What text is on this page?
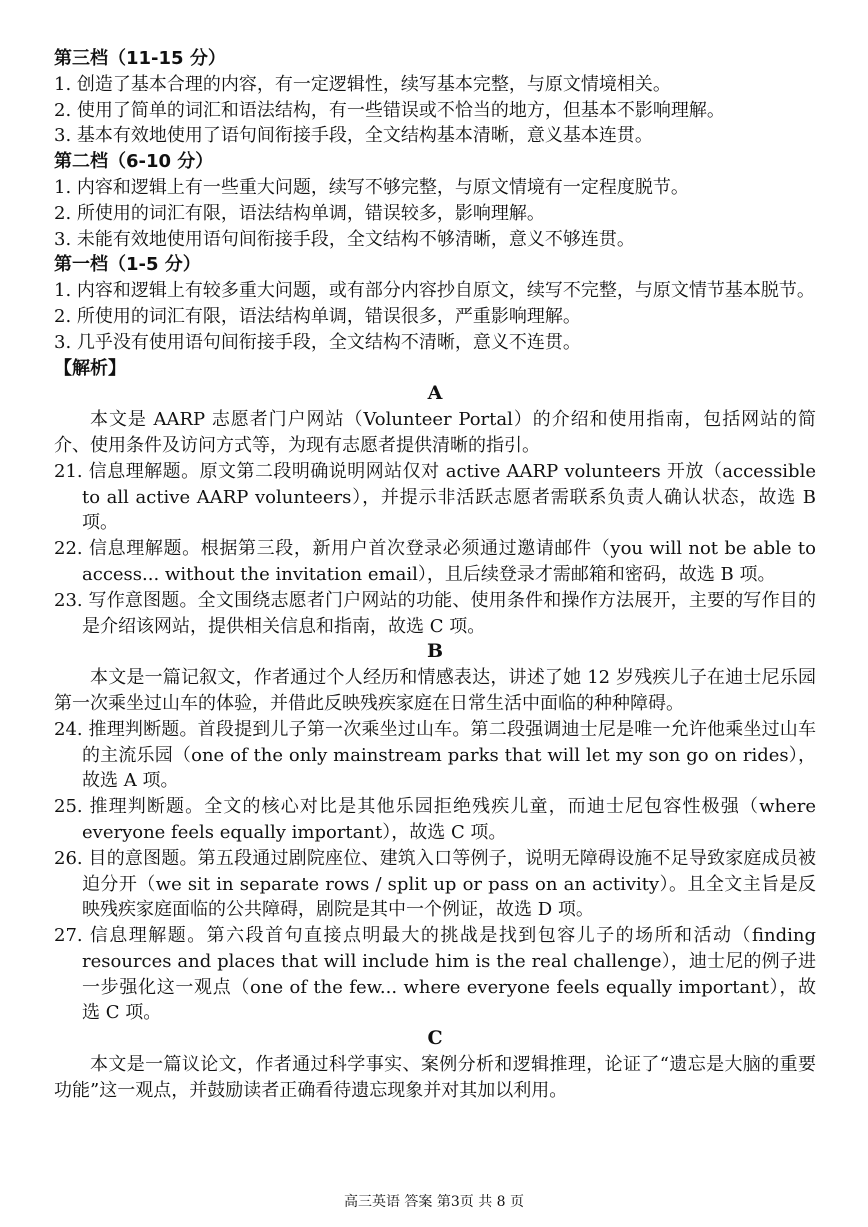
第三档（11-15 分）
1. 创造了基本合理的内容，有一定逻辑性，续写基本完整，与原文情境相关。
2. 使用了简单的词汇和语法结构，有一些错误或不恰当的地方，但基本不影响理解。
3. 基本有效地使用了语句间衔接手段，全文结构基本清晰，意义基本连贯。
第二档（6-10 分）
1. 内容和逻辑上有一些重大问题，续写不够完整，与原文情境有一定程度脱节。
2. 所使用的词汇有限，语法结构单调，错误较多，影响理解。
3. 未能有效地使用语句间衔接手段，全文结构不够清晰，意义不够连贯。
第一档（1-5 分）
1. 内容和逻辑上有较多重大问题，或有部分内容抄自原文，续写不完整，与原文情节基本脱节。
2. 所使用的词汇有限，语法结构单调，错误很多，严重影响理解。
3. 几乎没有使用语句间衔接手段，全文结构不清晰，意义不连贯。
【解析】
A
本文是 AARP 志愿者门户网站（Volunteer Portal）的介绍和使用指南，包括网站的简介、使用条件及访问方式等，为现有志愿者提供清晰的指引。
21. 信息理解题。原文第二段明确说明网站仅对 active AARP volunteers 开放（accessible to all active AARP volunteers），并提示非活跃志愿者需联系负责人确认状态，故选 B 项。
22. 信息理解题。根据第三段，新用户首次登录必须通过邀请邮件（you will not be able to access... without the invitation email），且后续登录才需邮箱和密码，故选 B 项。
23. 写作意图题。全文围绕志愿者门户网站的功能、使用条件和操作方法展开，主要的写作目的是介绍该网站，提供相关信息和指南，故选 C 项。
B
本文是一篇记叙文，作者通过个人经历和情感表达，讲述了她 12 岁残疾儿子在迪士尼乐园第一次乘坐过山车的体验，并借此反映残疾家庭在日常生活中面临的种种障碍。
24. 推理判断题。首段提到儿子第一次乘坐过山车。第二段强调迪士尼是唯一允许他乘坐过山车的主流乐园（one of the only mainstream parks that will let my son go on rides），故选 A 项。
25. 推理判断题。全文的核心对比是其他乐园拒绝残疾儿童，而迪士尼包容性极强（where everyone feels equally important），故选 C 项。
26. 目的意图题。第五段通过剧院座位、建筑入口等例子，说明无障碍设施不足导致家庭成员被迫分开（we sit in separate rows / split up or pass on an activity）。且全文主旨是反映残疾家庭面临的公共障碍，剧院是其中一个例证，故选 D 项。
27. 信息理解题。第六段首句直接点明最大的挑战是找到包容儿子的场所和活动（finding resources and places that will include him is the real challenge），迪士尼的例子进一步强化这一观点（one of the few... where everyone feels equally important），故选 C 项。
C
本文是一篇议论文，作者通过科学事实、案例分析和逻辑推理，论证了“遗忘是大脑的重要功能”这一观点，并鼓励读者正确看待遗忘现象并对其加以利用。
高三英语 答案 第3页 共 8 页
